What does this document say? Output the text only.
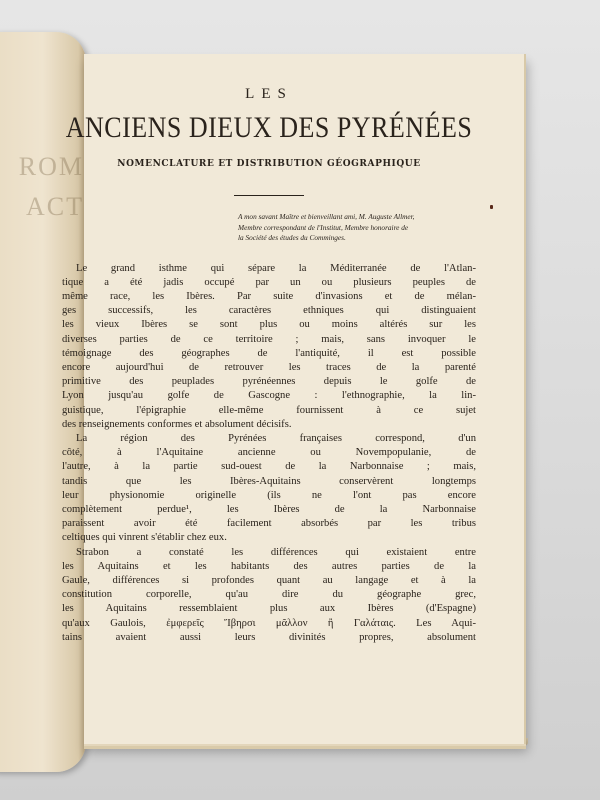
ROM
ACT

LES

ANCIENS DIEUX DES PYRÉNÉES

NOMENCLATURE ET DISTRIBUTION GÉOGRAPHIQUE

A mon savant Maître et bienveillant ami, M. Auguste Allmer,
Membre correspondant de l'Institut, Membre honoraire de
la Société des études du Comminges.
Le grand isthme qui sépare la Méditerranée de l'Atlan-
tique a été jadis occupé par un ou plusieurs peuples de
même race, les Ibères. Par suite d'invasions et de mélan-
ges successifs, les caractères ethniques qui distinguaient
les vieux Ibères se sont plus ou moins altérés sur les
diverses parties de ce territoire ; mais, sans invoquer le
témoignage des géographes de l'antiquité, il est possible
encore aujourd'hui de retrouver les traces de la parenté
primitive des peuplades pyrénéennes depuis le golfe de
Lyon jusqu'au golfe de Gascogne : l'ethnographie, la lin-
guistique, l'épigraphie elle-même fournissent à ce sujet
des renseignements conformes et absolument décisifs.
La région des Pyrénées françaises correspond, d'un
côté, à l'Aquitaine ancienne ou Novempopulanie, de
l'autre, à la partie sud-ouest de la Narbonnaise ; mais,
tandis que les Ibères-Aquitains conservèrent longtemps
leur physionomie originelle (ils ne l'ont pas encore
complètement perdue¹, les Ibères de la Narbonnaise
paraissent avoir été facilement absorbés par les tribus
celtiques qui vinrent s'établir chez eux.
Strabon a constaté les différences qui existaient entre
les Aquitains et les habitants des autres parties de la
Gaule, différences si profondes quant au langage et à la
constitution corporelle, qu'au dire du géographe grec,
les Aquitains ressemblaient plus aux Ibères (d'Espagne)
qu'aux Gaulois, ἐμφερεῖς Ἴβηρσι μᾶλλον ἢ Γαλάταις. Les Aqui-
tains avaient aussi leurs divinités propres, absolument
